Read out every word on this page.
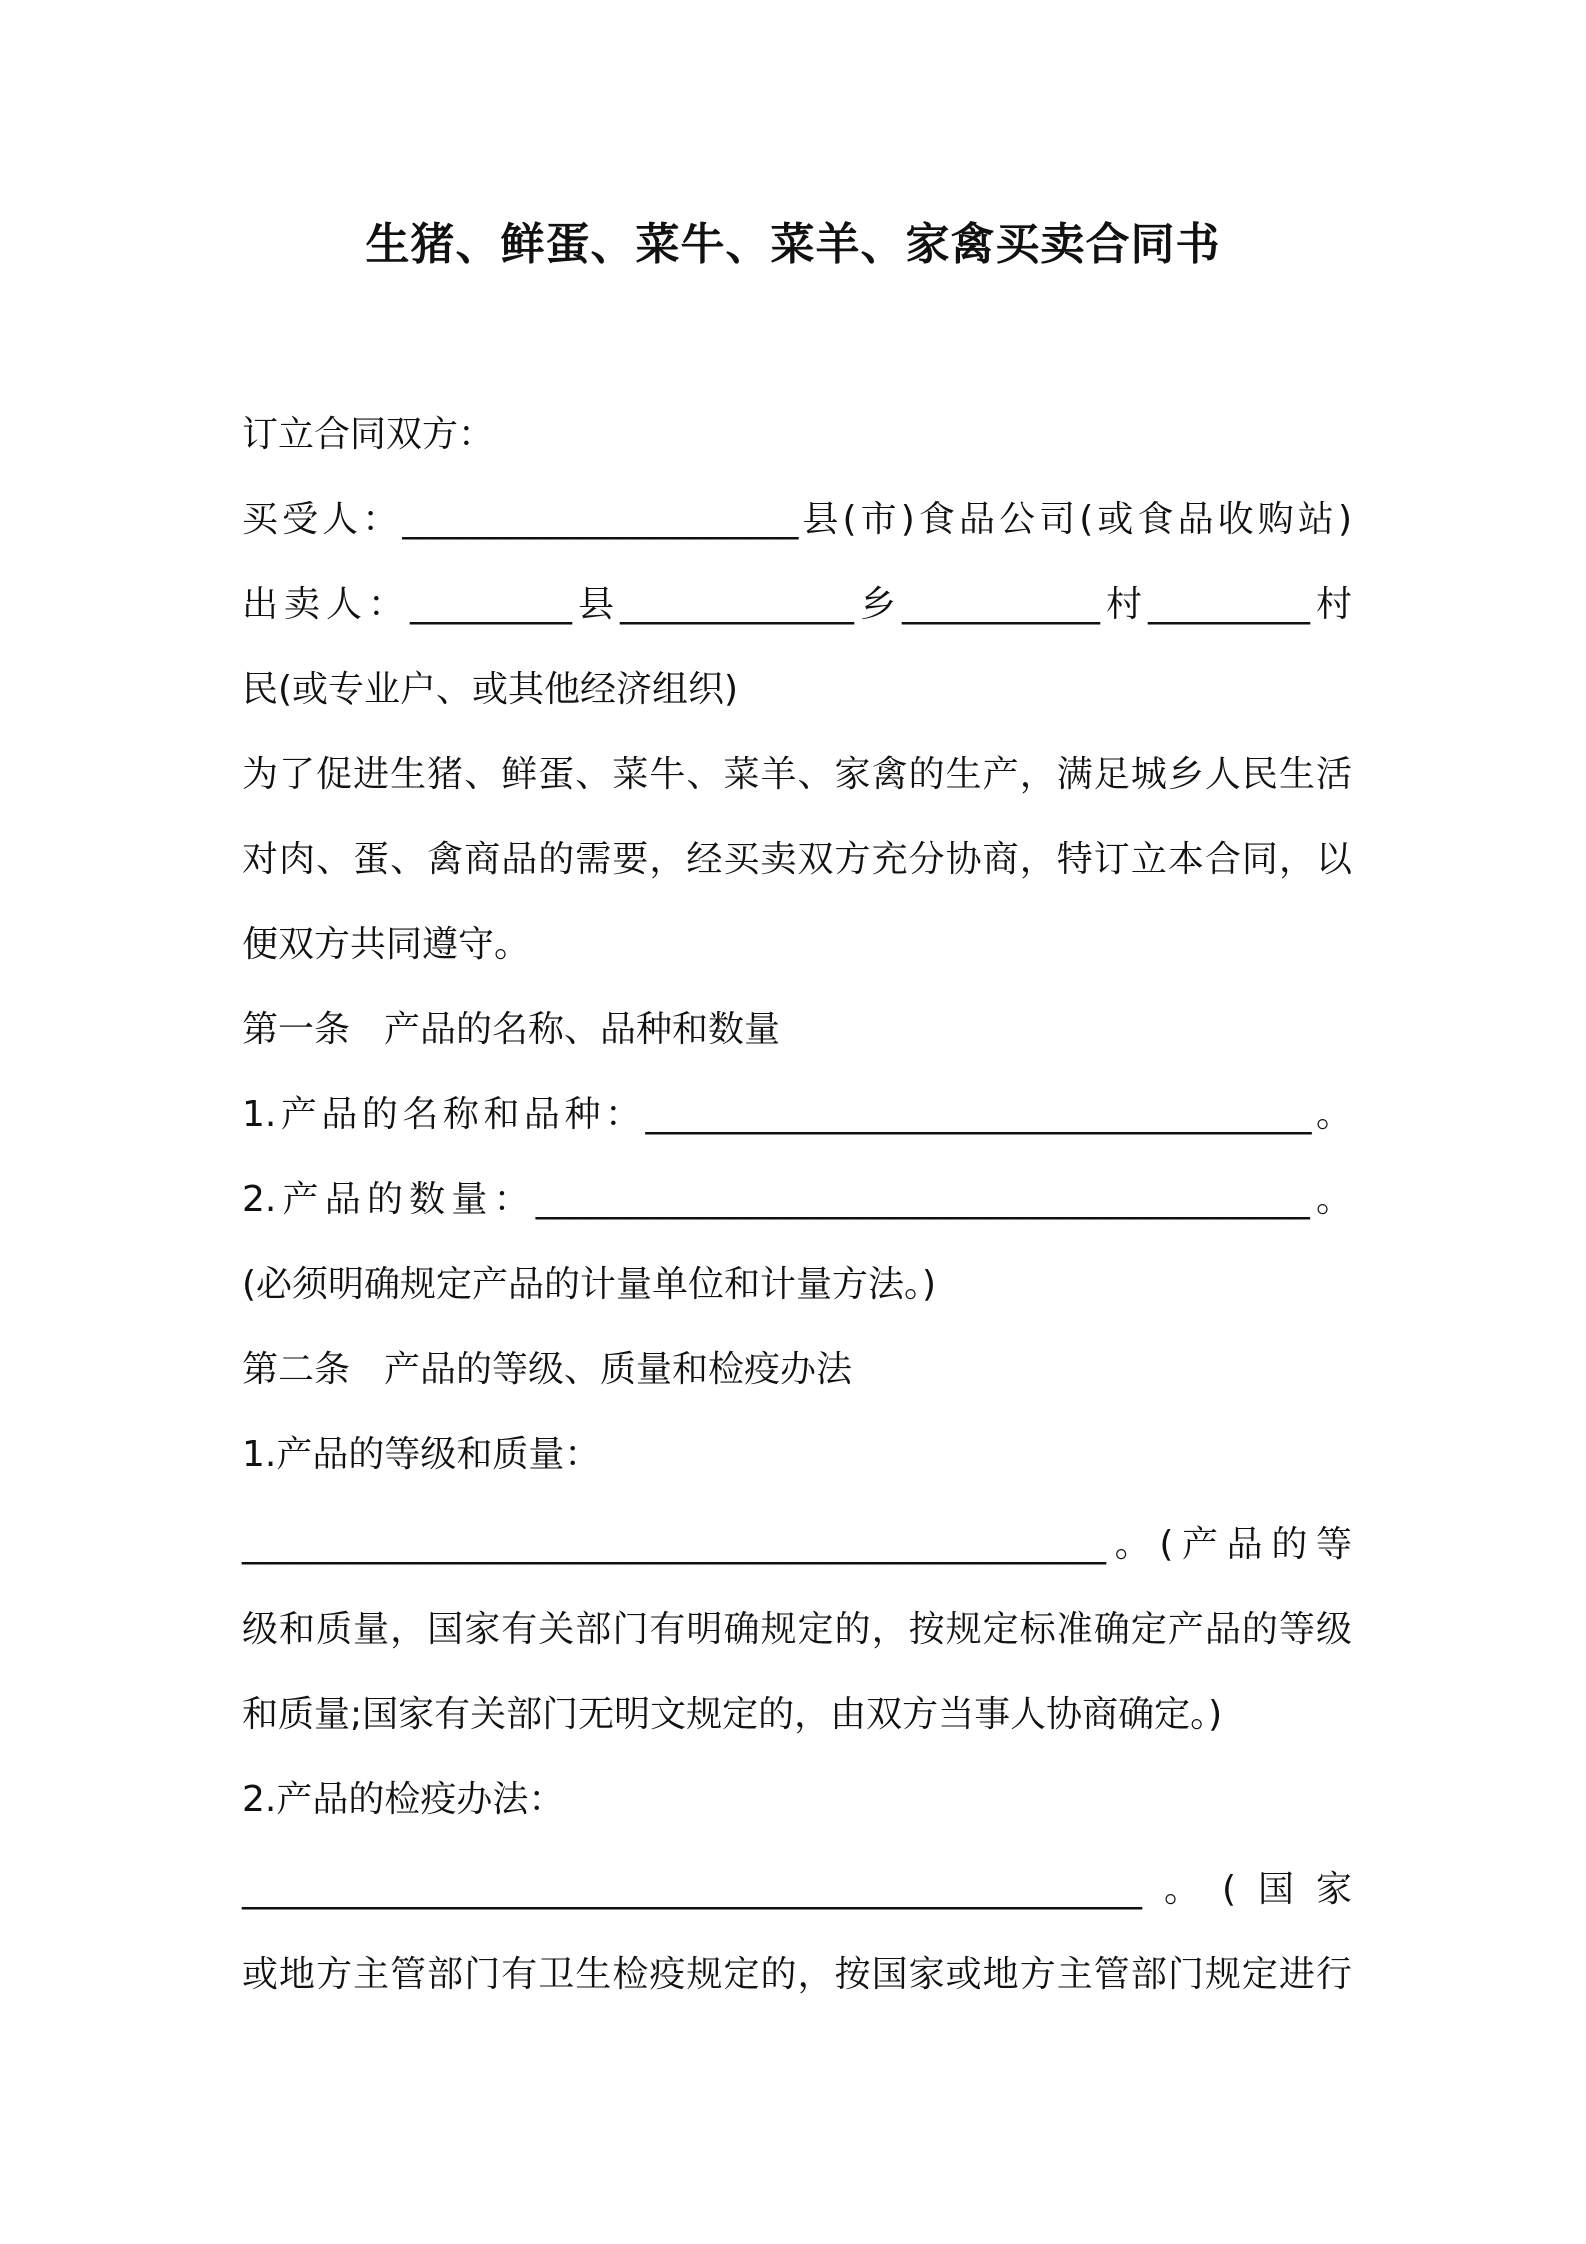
生猪、鲜蛋、菜牛、菜羊、家禽买卖合同书
订立合同双方：
买受人：______________________县(市)食品公司(或食品收购站)
出卖人：_________县_____________乡___________村_________村
民(或专业户、或其他经济组织)
为了促进生猪、鲜蛋、菜牛、菜羊、家禽的生产，满足城乡人民生活
对肉、蛋、禽商品的需要，经买卖双方充分协商，特订立本合同，以
便双方共同遵守。
第一条 产品的名称、品种和数量
1.产品的名称和品种：_____________________________________。
2.产品的数量：___________________________________________。
(必须明确规定产品的计量单位和计量方法。)
第二条 产品的等级、质量和检疫办法
1.产品的等级和质量：
________________________________________________。(产品的等
级和质量，国家有关部门有明确规定的，按规定标准确定产品的等级
和质量;国家有关部门无明文规定的，由双方当事人协商确定。)
2.产品的检疫办法：
__________________________________________________。(国家
或地方主管部门有卫生检疫规定的，按国家或地方主管部门规定进行
